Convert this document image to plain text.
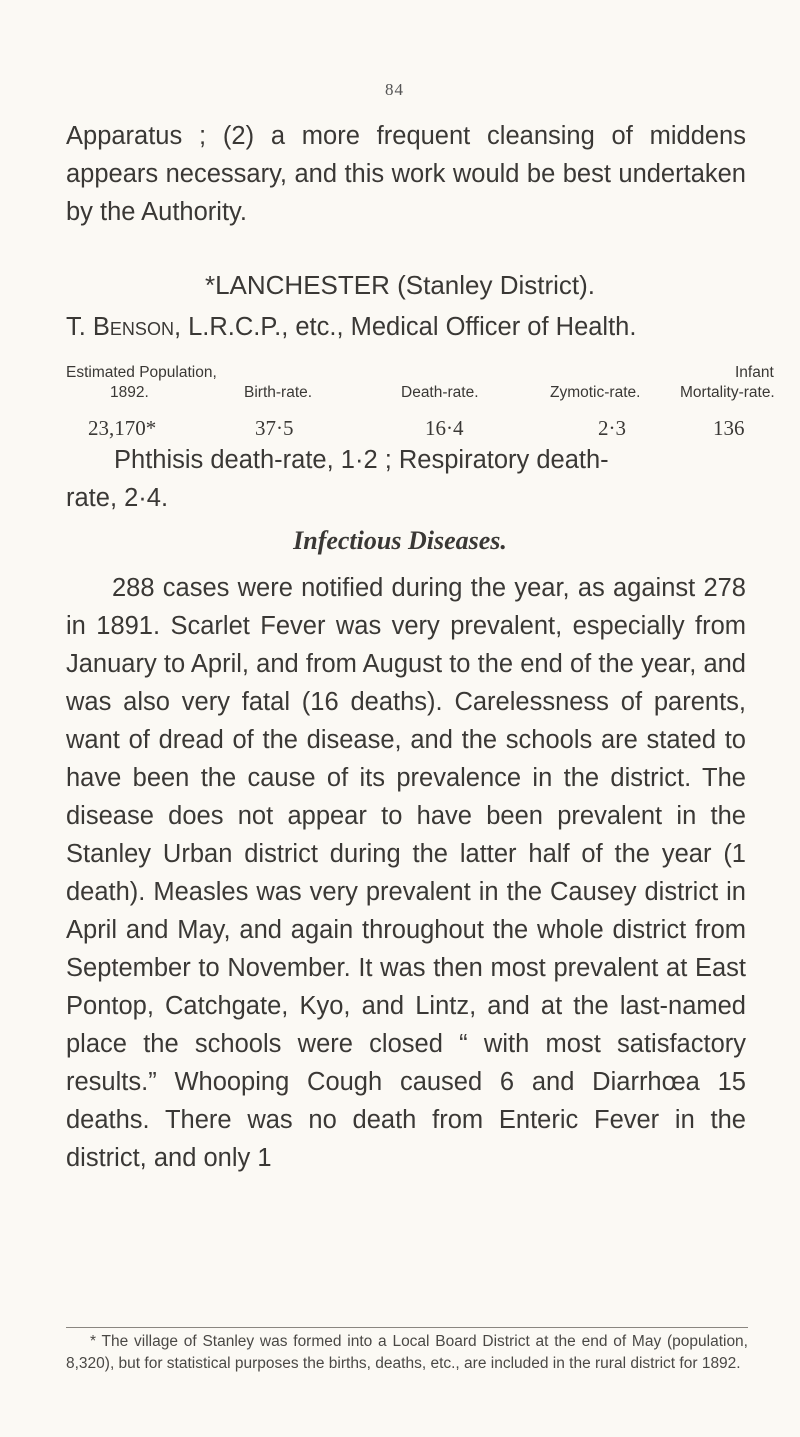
84

Apparatus ; (2) a more frequent cleansing of middens appears necessary, and this work would be best undertaken by the Authority.

*LANCHESTER (Stanley District).

T. Benson, L.R.C.P., etc., Medical Officer of Health.

Estimated Population,
1892.
23,170*
Birth-rate.
37·5
Death-rate.
16·4
Zymotic-rate.
2·3
Infant
Mortality-rate.
136

Phthisis death-rate, 1·2 ; Respiratory death-

rate, 2·4.

Infectious Diseases.

288 cases were notified during the year, as against 278 in 1891. Scarlet Fever was very prevalent, especially from January to April, and from August to the end of the year, and was also very fatal (16 deaths). Carelessness of parents, want of dread of the disease, and the schools are stated to have been the cause of its prevalence in the district. The disease does not appear to have been prevalent in the Stanley Urban district during the latter half of the year (1 death). Measles was very prevalent in the Causey district in April and May, and again throughout the whole district from September to November. It was then most prevalent at East Pontop, Catchgate, Kyo, and Lintz, and at the last-named place the schools were closed “ with most satisfactory results.” Whooping Cough caused 6 and Diarrhœa 15 deaths. There was no death from Enteric Fever in the district, and only 1

* The village of Stanley was formed into a Local Board District at the end of May (population, 8,320), but for statistical purposes the births, deaths, etc., are included in the rural district for 1892.
